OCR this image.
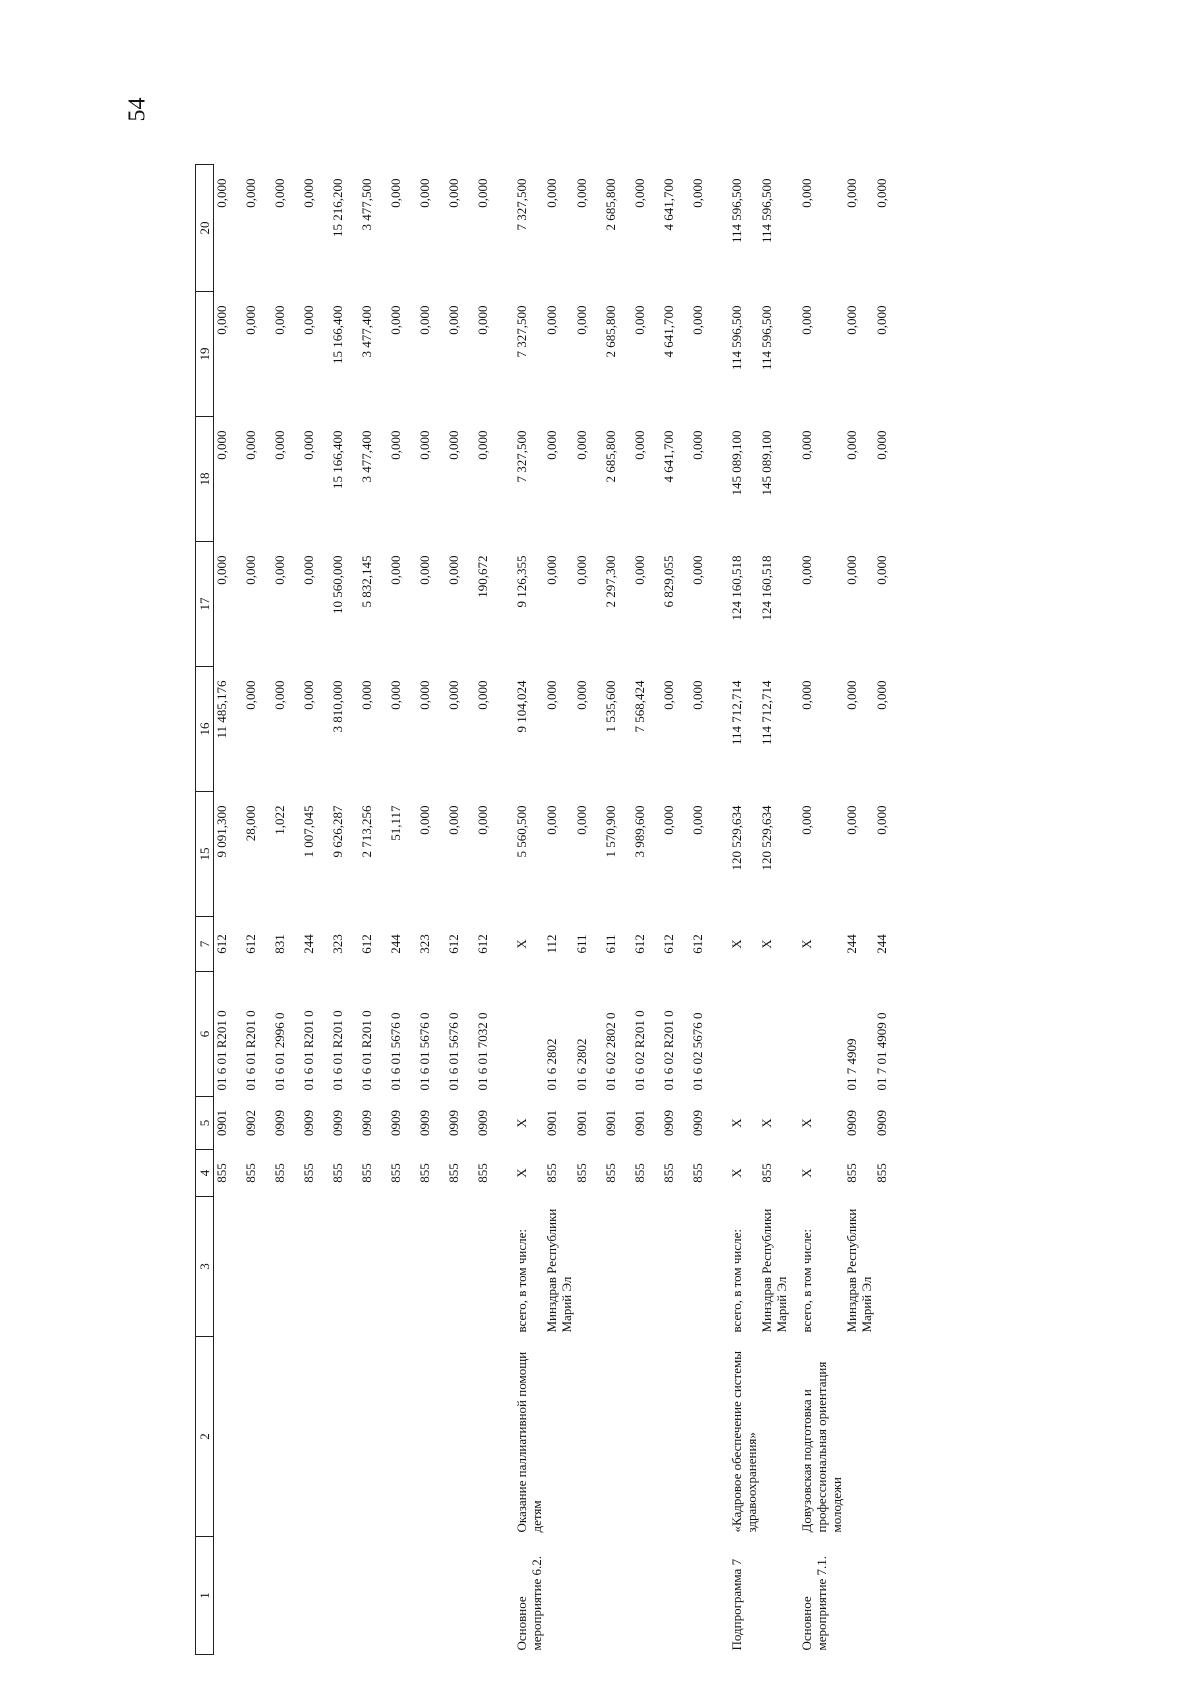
54
1	2	3	4	5	6	7	15	16	17	18	19	20
			855	0901	01 6 01 R201 0	612	9 091,300	11 485,176	0,000	0,000	0,000	0,000
			855	0902	01 6 01 R201 0	612	28,000	0,000	0,000	0,000	0,000	0,000
			855	0909	01 6 01 2996 0	831	1,022	0,000	0,000	0,000	0,000	0,000
			855	0909	01 6 01 R201 0	244	1 007,045	0,000	0,000	0,000	0,000	0,000
			855	0909	01 6 01 R201 0	323	9 626,287	3 810,000	10 560,000	15 166,400	15 166,400	15 216,200
			855	0909	01 6 01 R201 0	612	2 713,256	0,000	5 832,145	3 477,400	3 477,400	3 477,500
			855	0909	01 6 01 5676 0	244	51,117	0,000	0,000	0,000	0,000	0,000
			855	0909	01 6 01 5676 0	323	0,000	0,000	0,000	0,000	0,000	0,000
			855	0909	01 6 01 5676 0	612	0,000	0,000	0,000	0,000	0,000	0,000
			855	0909	01 6 01 7032 0	612	0,000	0,000	190,672	0,000	0,000	0,000

Основное мероприятие 6.2.	Оказание паллиативной помощи детям	всего, в том числе:	X	X		X	5 560,500	9 104,024	9 126,355	7 327,500	7 327,500	7 327,500
		Минздрав Республики Марий Эл	855	0901	01 6 2802	112	0,000	0,000	0,000	0,000	0,000	0,000
			855	0901	01 6 2802	611	0,000	0,000	0,000	0,000	0,000	0,000
			855	0901	01 6 02 2802 0	611	1 570,900	1 535,600	2 297,300	2 685,800	2 685,800	2 685,800
			855	0901	01 6 02 R201 0	612	3 989,600	7 568,424	0,000	0,000	0,000	0,000
			855	0909	01 6 02 R201 0	612	0,000	0,000	6 829,055	4 641,700	4 641,700	4 641,700
			855	0909	01 6 02 5676 0	612	0,000	0,000	0,000	0,000	0,000	0,000

Подпрограмма 7	«Кадровое обеспечение системы здравоохранения»	всего, в том числе:	X	X		X	120 529,634	114 712,714	124 160,518	145 089,100	114 596,500	114 596,500
		Минздрав Республики Марий Эл	855	X		X	120 529,634	114 712,714	124 160,518	145 089,100	114 596,500	114 596,500

Основное мероприятие 7.1.	Довузовская подготовка и профессиональная ориентация молодежи	всего, в том числе:	X	X		X	0,000	0,000	0,000	0,000	0,000	0,000
		Минздрав Республики Марий Эл	855	0909	01 7 4909	244	0,000	0,000	0,000	0,000	0,000	0,000
			855	0909	01 7 01 4909 0	244	0,000	0,000	0,000	0,000	0,000	0,000
